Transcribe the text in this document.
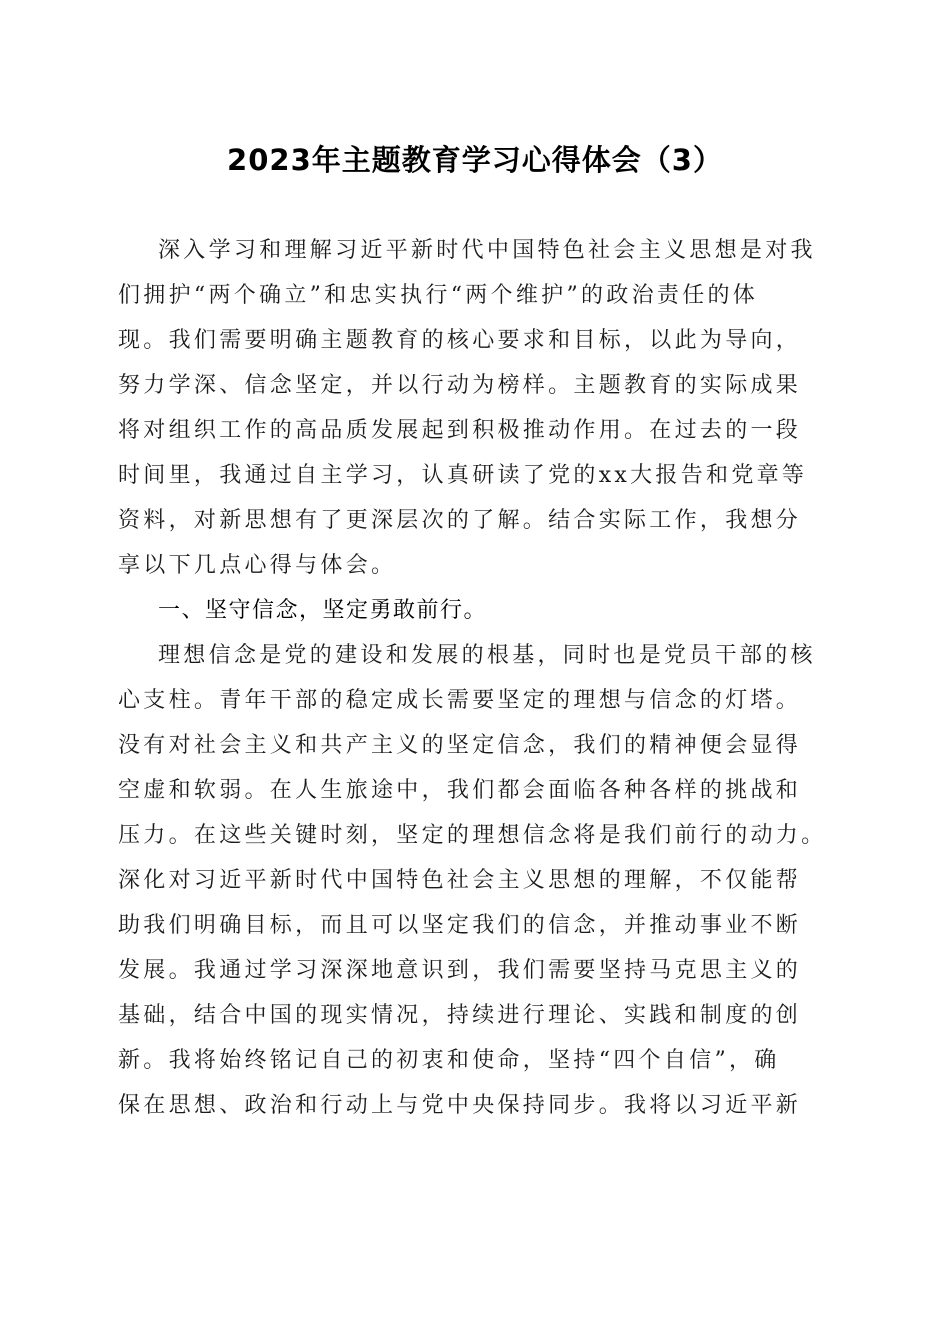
2023年主题教育学习心得体会（3）
深入学习和理解习近平新时代中国特色社会主义思想是对我
们拥护“两个确立”和忠实执行“两个维护”的政治责任的体
现。我们需要明确主题教育的核心要求和目标，以此为导向，
努力学深、信念坚定，并以行动为榜样。主题教育的实际成果
将对组织工作的高品质发展起到积极推动作用。在过去的一段
时间里，我通过自主学习，认真研读了党的xx大报告和党章等
资料，对新思想有了更深层次的了解。结合实际工作，我想分
享以下几点心得与体会。
一、坚守信念，坚定勇敢前行。
理想信念是党的建设和发展的根基，同时也是党员干部的核
心支柱。青年干部的稳定成长需要坚定的理想与信念的灯塔。
没有对社会主义和共产主义的坚定信念，我们的精神便会显得
空虚和软弱。在人生旅途中，我们都会面临各种各样的挑战和
压力。在这些关键时刻，坚定的理想信念将是我们前行的动力。
深化对习近平新时代中国特色社会主义思想的理解，不仅能帮
助我们明确目标，而且可以坚定我们的信念，并推动事业不断
发展。我通过学习深深地意识到，我们需要坚持马克思主义的
基础，结合中国的现实情况，持续进行理论、实践和制度的创
新。我将始终铭记自己的初衷和使命，坚持“四个自信”，确
保在思想、政治和行动上与党中央保持同步。我将以习近平新
